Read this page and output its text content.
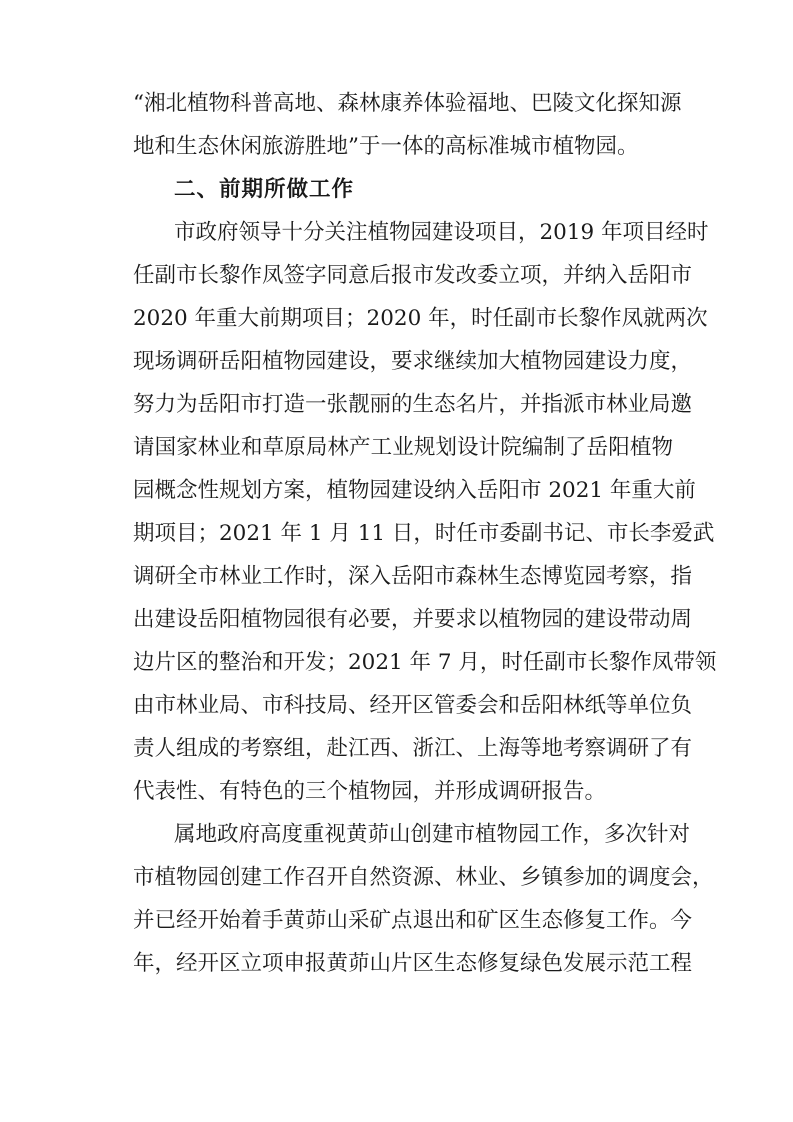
“湘北植物科普高地、森林康养体验福地、巴陵文化探知源
地和生态休闲旅游胜地”于一体的高标准城市植物园。
二、前期所做工作
市政府领导十分关注植物园建设项目，2019 年项目经时
任副市长黎作凤签字同意后报市发改委立项，并纳入岳阳市
2020 年重大前期项目；2020 年，时任副市长黎作凤就两次
现场调研岳阳植物园建设，要求继续加大植物园建设力度，
努力为岳阳市打造一张靓丽的生态名片，并指派市林业局邀
请国家林业和草原局林产工业规划设计院编制了岳阳植物
园概念性规划方案，植物园建设纳入岳阳市 2021 年重大前
期项目；2021 年 1 月 11 日，时任市委副书记、市长李爱武
调研全市林业工作时，深入岳阳市森林生态博览园考察，指
出建设岳阳植物园很有必要，并要求以植物园的建设带动周
边片区的整治和开发；2021 年 7 月，时任副市长黎作凤带领
由市林业局、市科技局、经开区管委会和岳阳林纸等单位负
责人组成的考察组，赴江西、浙江、上海等地考察调研了有
代表性、有特色的三个植物园，并形成调研报告。
属地政府高度重视黄茆山创建市植物园工作，多次针对
市植物园创建工作召开自然资源、林业、乡镇参加的调度会，
并已经开始着手黄茆山采矿点退出和矿区生态修复工作。今
年，经开区立项申报黄茆山片区生态修复绿色发展示范工程
